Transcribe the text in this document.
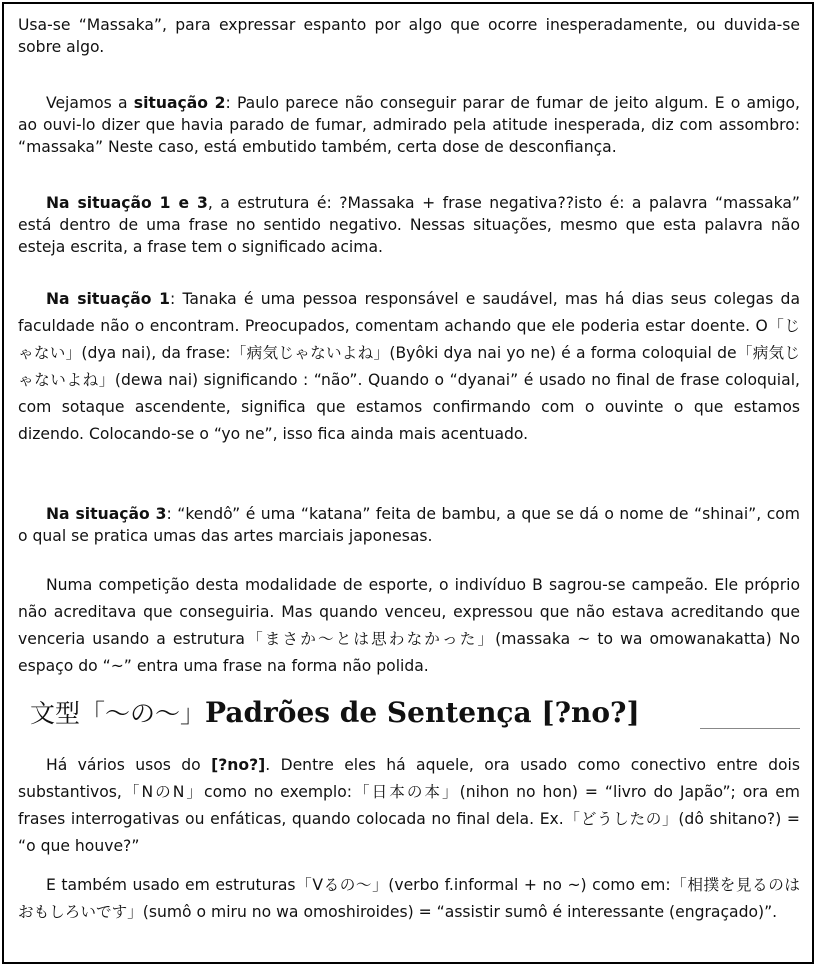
Usa-se “Massaka”, para expressar espanto por algo que ocorre inesperadamente, ou duvida-se sobre algo.

Vejamos a situação 2: Paulo parece não conseguir parar de fumar de jeito algum. E o amigo, ao ouvi-lo dizer que havia parado de fumar, admirado pela atitude inesperada, diz com assombro: “massaka” Neste caso, está embutido também, certa dose de desconfiança.

Na situação 1 e 3, a estrutura é: ?Massaka + frase negativa??isto é: a palavra “massaka” está dentro de uma frase no sentido negativo. Nessas situações, mesmo que esta palavra não esteja escrita, a frase tem o significado acima.

Na situação 1: Tanaka é uma pessoa responsável e saudável, mas há dias seus colegas da faculdade não o encontram. Preocupados, comentam achando que ele poderia estar doente. O「じゃない」(dya nai), da frase:「病気じゃないよね」(Byôki dya nai yo ne) é a forma coloquial de「病気じゃないよね」(dewa nai) significando : “não”. Quando o “dyanai” é usado no final de frase coloquial, com sotaque ascendente, significa que estamos confirmando com o ouvinte o que estamos dizendo. Colocando-se o “yo ne”, isso fica ainda mais acentuado.

Na situação 3: “kendô” é uma “katana” feita de bambu, a que se dá o nome de “shinai”, com o qual se pratica umas das artes marciais japonesas.

Numa competição desta modalidade de esporte, o indivíduo B sagrou-se campeão. Ele próprio não acreditava que conseguiria. Mas quando venceu, expressou que não estava acreditando que venceria usando a estrutura「まさか〜とは思わなかった」(massaka ~ to wa omowanakatta) No espaço do “~” entra uma frase na forma não polida.

文型「〜の〜」Padrões de Sentença [?no?]

Há vários usos do [?no?]. Dentre eles há aquele, ora usado como conectivo entre dois substantivos,「NのN」como no exemplo:「日本の本」(nihon no hon) = “livro do Japão”; ora em frases interrogativas ou enfáticas, quando colocada no final dela. Ex.「どうしたの」(dô shitano?) = “o que houve?”

E também usado em estruturas「Vるの〜」(verbo f.informal + no ~) como em:「相撲を見るのはおもしろいです」(sumô o miru no wa omoshiroides) = “assistir sumô é interessante (engraçado)”.
